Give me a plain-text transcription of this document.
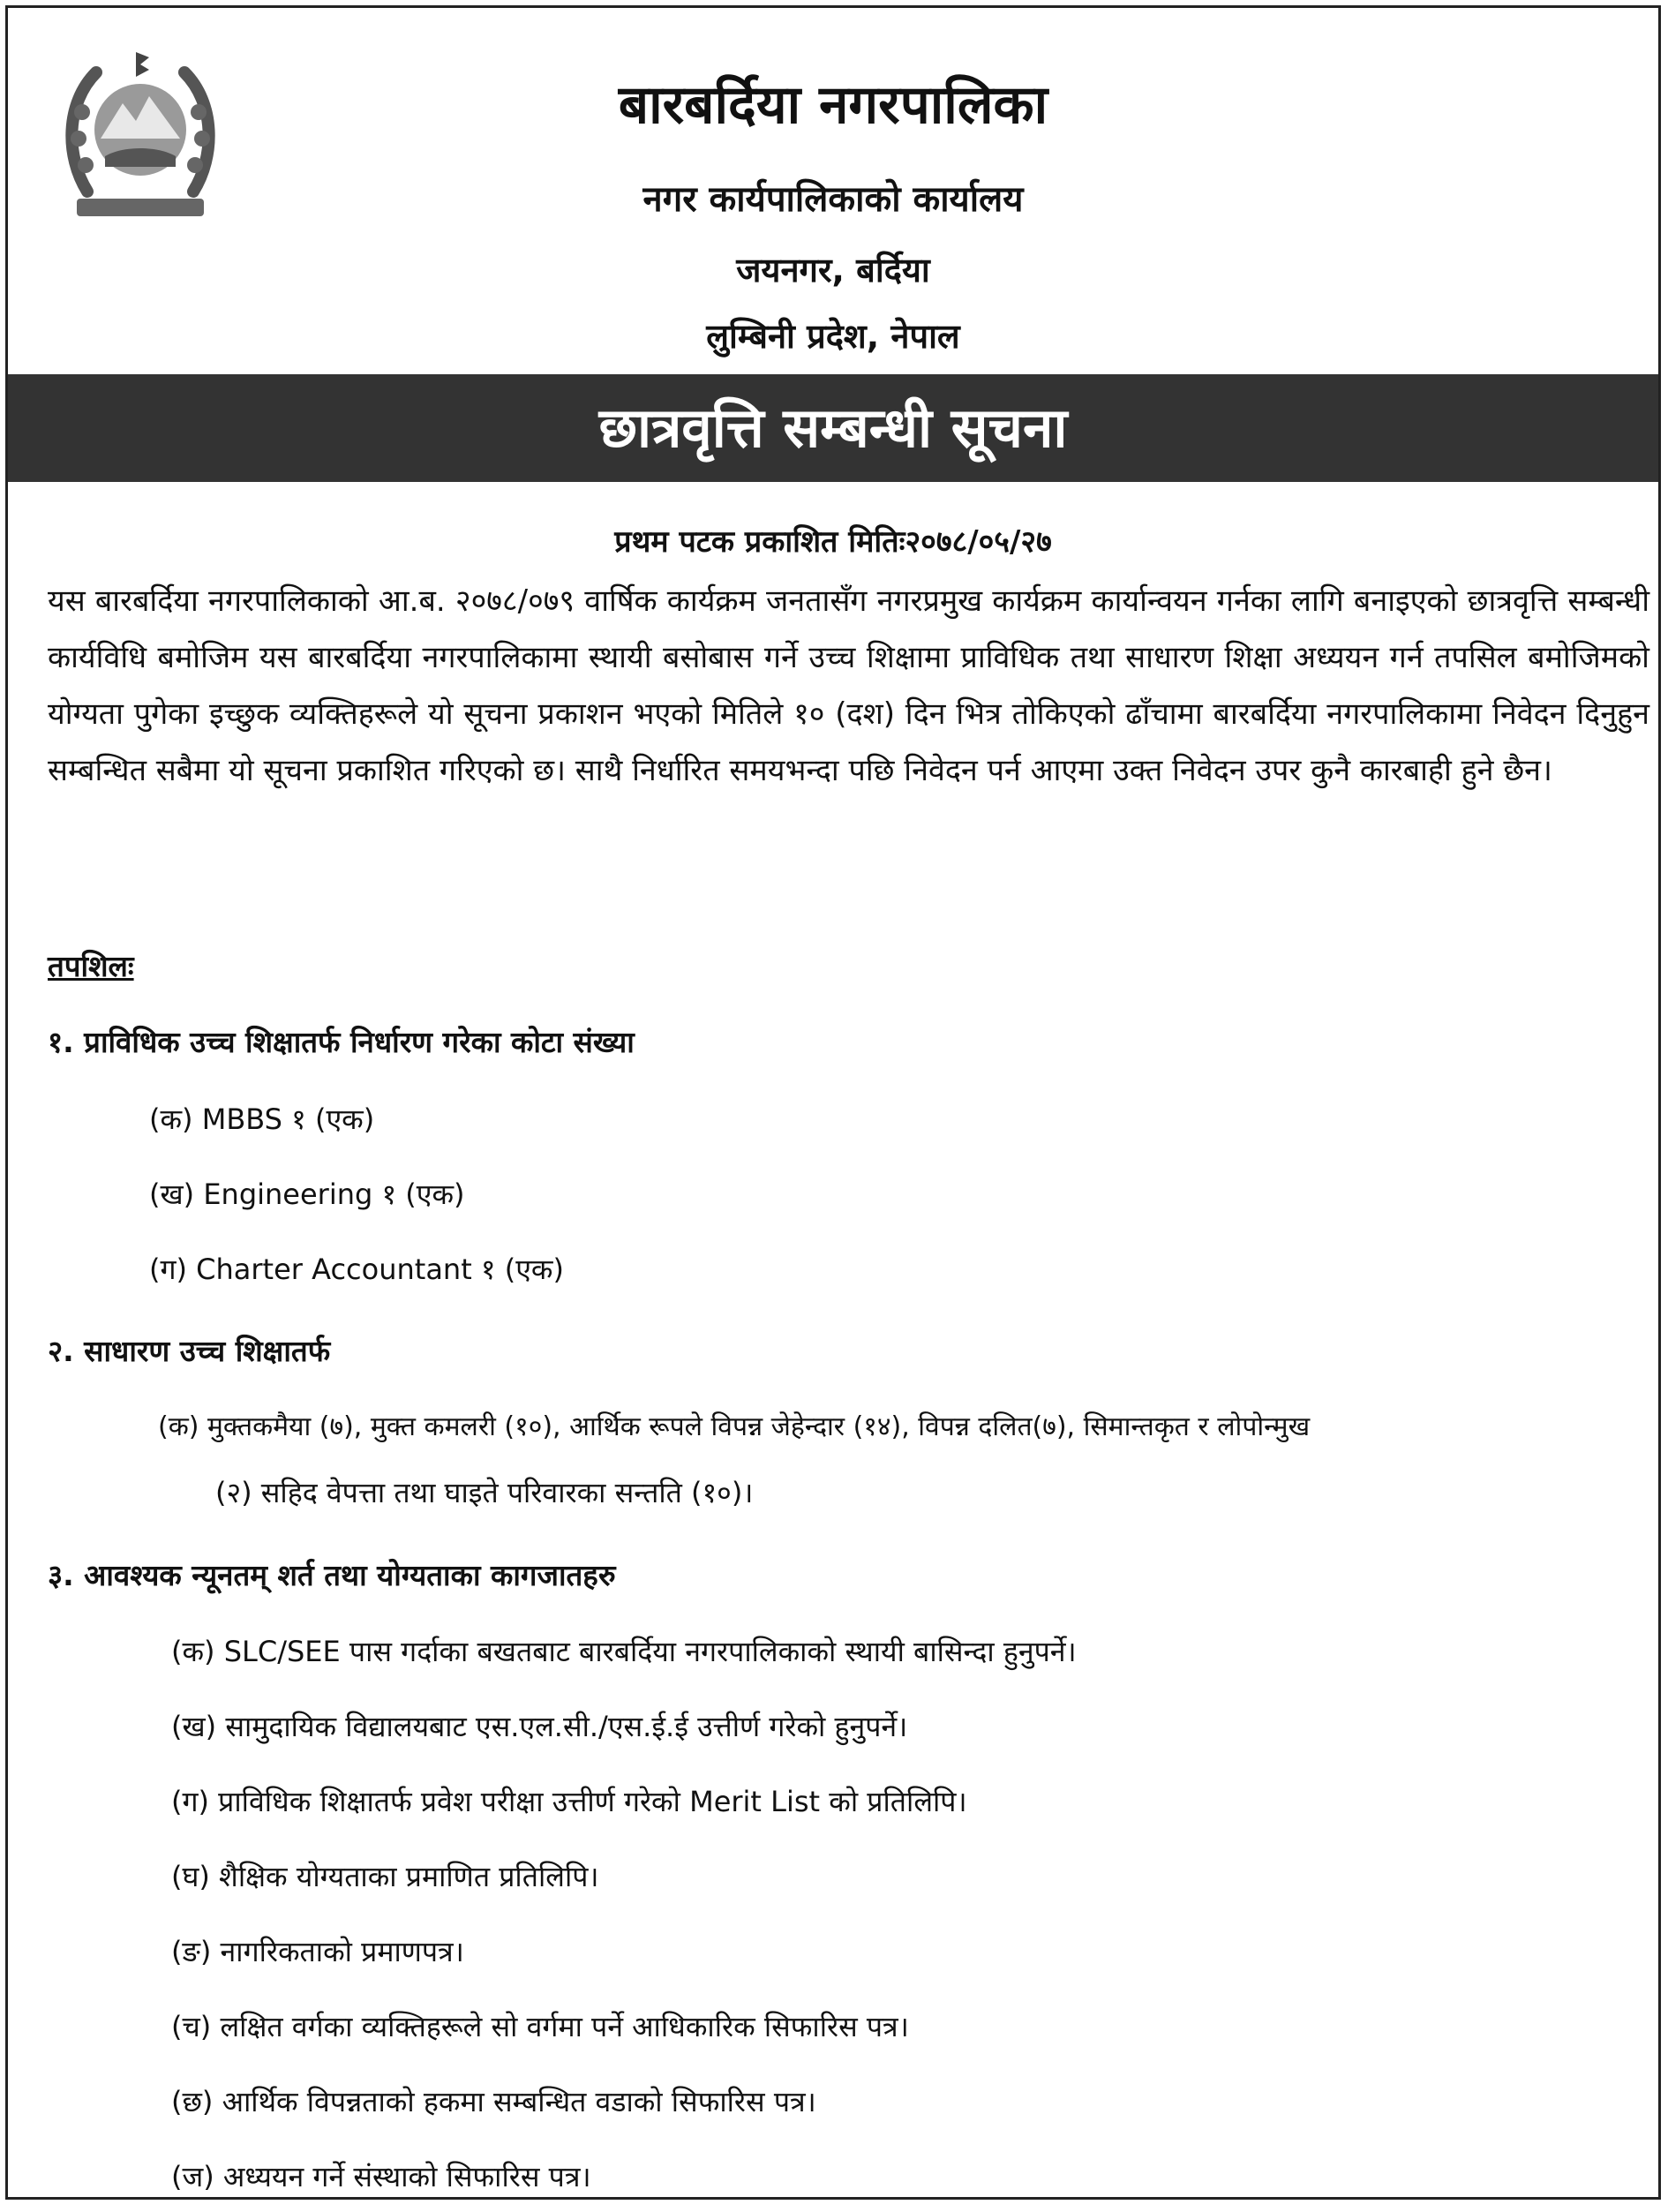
बारबर्दिया नगरपालिका
नगर कार्यपालिकाको कार्यालय
जयनगर, बर्दिया
लुम्बिनी प्रदेश, नेपाल
छात्रवृत्ति सम्बन्धी सूचना
प्रथम पटक प्रकाशित मितिः२०७८/०५/२७
यस बारबर्दिया नगरपालिकाको आ.ब. २०७८/०७९ वार्षिक कार्यक्रम जनतासँग नगरप्रमुख कार्यक्रम कार्यान्वयन गर्नका लागि बनाइएको छात्रवृत्ति सम्बन्धी कार्यविधि बमोजिम यस बारबर्दिया नगरपालिकामा स्थायी बसोबास गर्ने उच्च शिक्षामा प्राविधिक तथा साधारण शिक्षा अध्ययन गर्न तपसिल बमोजिमको योग्यता पुगेका इच्छुक व्यक्तिहरूले यो सूचना प्रकाशन भएको मितिले १० (दश) दिन भित्र तोकिएको ढाँचामा बारबर्दिया नगरपालिकामा निवेदन दिनुहुन सम्बन्धित सबैमा यो सूचना प्रकाशित गरिएको छ। साथै निर्धारित समयभन्दा पछि निवेदन पर्न आएमा उक्त निवेदन उपर कुनै कारबाही हुने छैन।
तपशिलः
१. प्राविधिक उच्च शिक्षातर्फ निर्धारण गरेका कोटा संख्या
(क) MBBS १ (एक)
(ख) Engineering १ (एक)
(ग) Charter Accountant १ (एक)
२. साधारण उच्च शिक्षातर्फ
(क) मुक्तकमैया (७), मुक्त कमलरी (१०), आर्थिक रूपले विपन्न जेहेन्दार (१४), विपन्न दलित(७), सिमान्तकृत र लोपोन्मुख
(२) सहिद वेपत्ता तथा घाइते परिवारका सन्तति (१०)।
३. आवश्यक न्यूनतम् शर्त तथा योग्यताका कागजातहरु
(क) SLC/SEE पास गर्दाका बखतबाट बारबर्दिया नगरपालिकाको स्थायी बासिन्दा हुनुपर्ने।
(ख) सामुदायिक विद्यालयबाट एस.एल.सी./एस.ई.ई उत्तीर्ण गरेको हुनुपर्ने।
(ग) प्राविधिक शिक्षातर्फ प्रवेश परीक्षा उत्तीर्ण गरेको Merit List को प्रतिलिपि।
(घ) शैक्षिक योग्यताका प्रमाणित प्रतिलिपि।
(ङ) नागरिकताको प्रमाणपत्र।
(च) लक्षित वर्गका व्यक्तिहरूले सो वर्गमा पर्ने आधिकारिक सिफारिस पत्र।
(छ) आर्थिक विपन्नताको हकमा सम्बन्धित वडाको सिफारिस पत्र।
(ज) अध्ययन गर्ने संस्थाको सिफारिस पत्र।
